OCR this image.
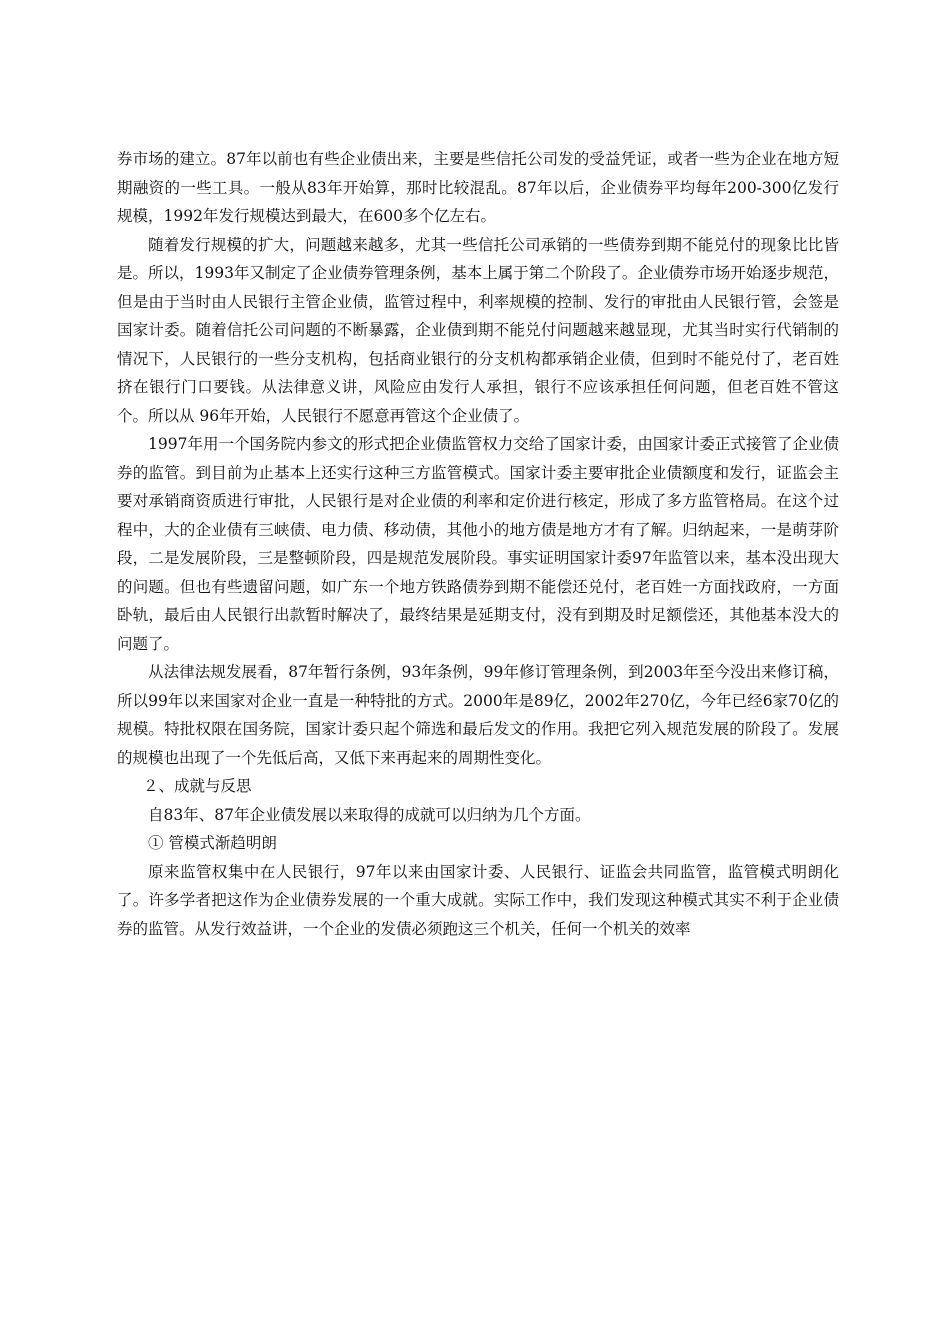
券市场的建立。87年以前也有些企业债出来，主要是些信托公司发的受益凭证，或者一些为企业在地方短期融资的一些工具。一般从83年开始算，那时比较混乱。87年以后，企业债券平均每年200-300亿发行规模，1992年发行规模达到最大，在600多个亿左右。

随着发行规模的扩大，问题越来越多，尤其一些信托公司承销的一些债券到期不能兑付的现象比比皆是。所以，1993年又制定了企业债券管理条例，基本上属于第二个阶段了。企业债券市场开始逐步规范，但是由于当时由人民银行主管企业债，监管过程中，利率规模的控制、发行的审批由人民银行管，会签是国家计委。随着信托公司问题的不断暴露，企业债到期不能兑付问题越来越显现，尤其当时实行代销制的情况下，人民银行的一些分支机构，包括商业银行的分支机构都承销企业债，但到时不能兑付了，老百姓挤在银行门口要钱。从法律意义讲，风险应由发行人承担，银行不应该承担任何问题，但老百姓不管这个。所以从 96年开始，人民银行不愿意再管这个企业债了。

1997年用一个国务院内参文的形式把企业债监管权力交给了国家计委，由国家计委正式接管了企业债券的监管。到目前为止基本上还实行这种三方监管模式。国家计委主要审批企业债额度和发行，证监会主要对承销商资质进行审批，人民银行是对企业债的利率和定价进行核定，形成了多方监管格局。在这个过程中，大的企业债有三峡债、电力债、移动债，其他小的地方债是地方才有了解。归纳起来，一是萌芽阶段，二是发展阶段，三是整顿阶段，四是规范发展阶段。事实证明国家计委97年监管以来，基本没出现大的问题。但也有些遗留问题，如广东一个地方铁路债券到期不能偿还兑付，老百姓一方面找政府，一方面卧轨，最后由人民银行出款暂时解决了，最终结果是延期支付，没有到期及时足额偿还，其他基本没大的问题了。

从法律法规发展看，87年暂行条例，93年条例，99年修订管理条例，到2003年至今没出来修订稿，所以99年以来国家对企业一直是一种特批的方式。2000年是89亿，2002年270亿，今年已经6家70亿的规模。特批权限在国务院，国家计委只起个筛选和最后发文的作用。我把它列入规范发展的阶段了。发展的规模也出现了一个先低后高，又低下来再起来的周期性变化。

２、成就与反思

自83年、87年企业债发展以来取得的成就可以归纳为几个方面。

① 管模式渐趋明朗

原来监管权集中在人民银行，97年以来由国家计委、人民银行、证监会共同监管，监管模式明朗化了。许多学者把这作为企业债券发展的一个重大成就。实际工作中，我们发现这种模式其实不利于企业债券的监管。从发行效益讲，一个企业的发债必须跑这三个机关，任何一个机关的效率
